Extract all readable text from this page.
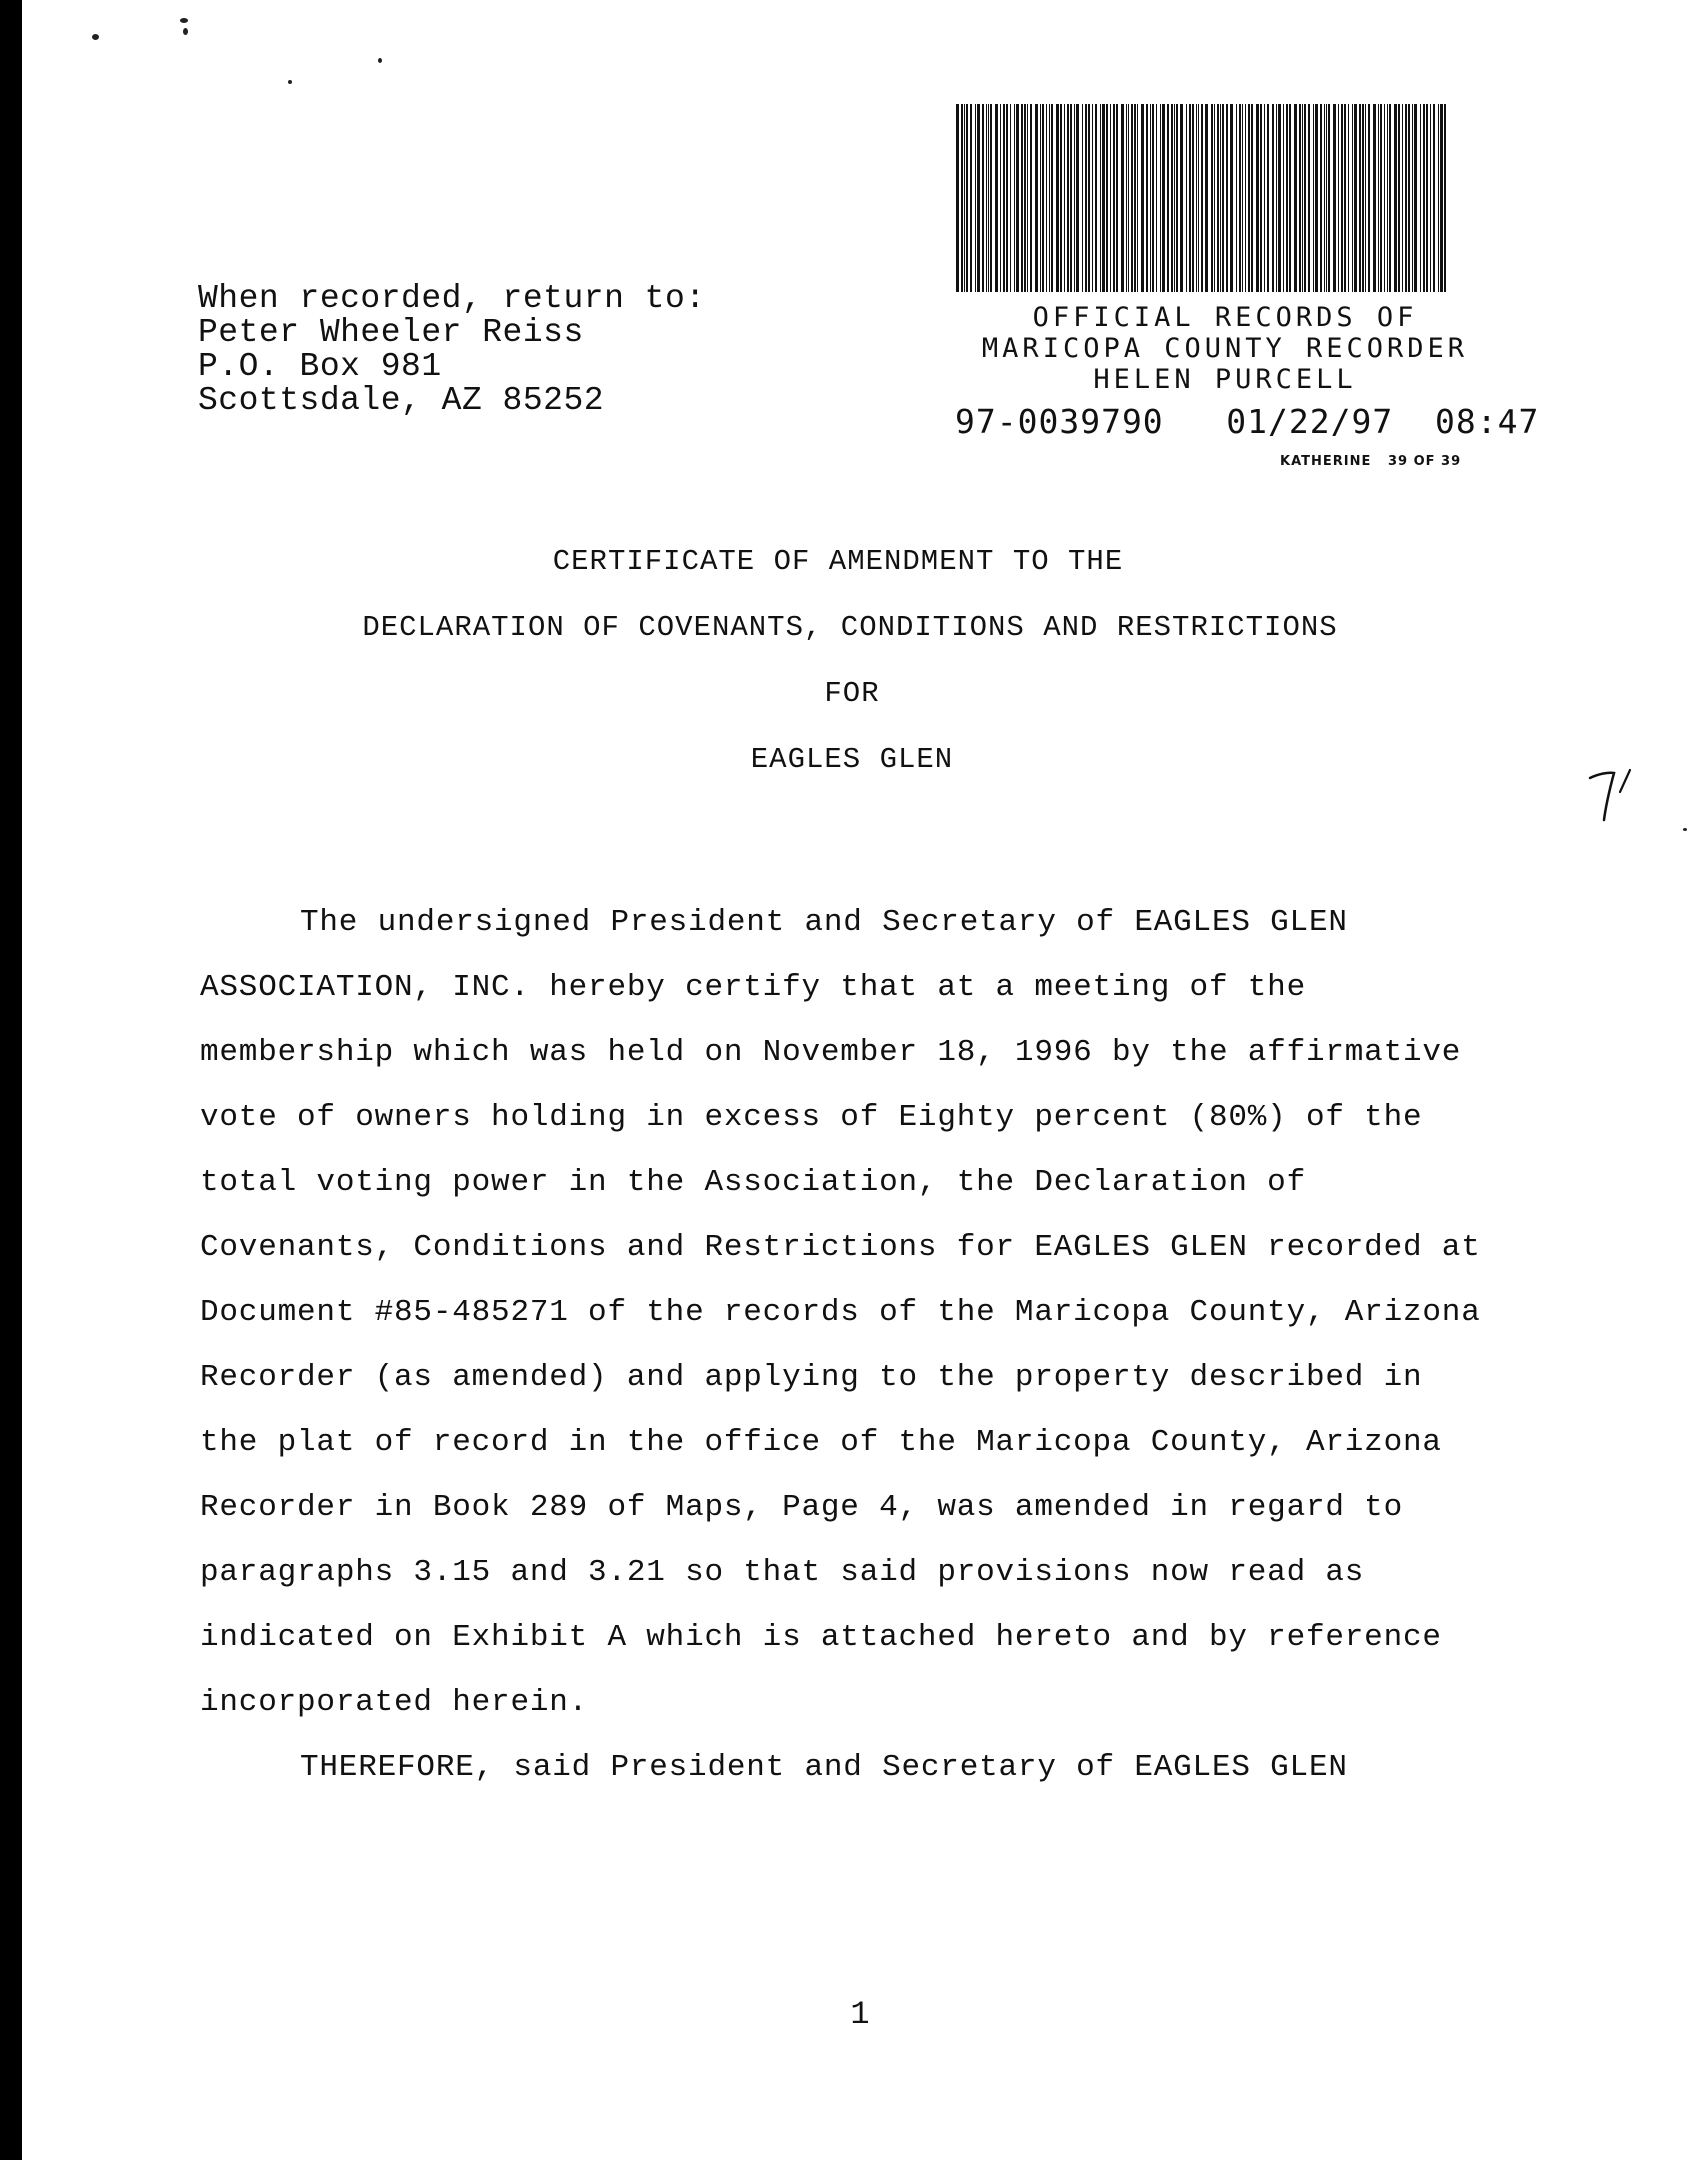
When recorded, return to:
Peter Wheeler Reiss
P.O. Box 981
Scottsdale, AZ 85252
OFFICIAL RECORDS OF
MARICOPA COUNTY RECORDER
HELEN PURCELL
97-0039790 01/22/97 08:47
KATHERINE 39 OF 39
CERTIFICATE OF AMENDMENT TO THE
DECLARATION OF COVENANTS, CONDITIONS AND RESTRICTIONS
FOR
EAGLES GLEN
The undersigned President and Secretary of EAGLES GLEN
ASSOCIATION, INC. hereby certify that at a meeting of the
membership which was held on November 18, 1996 by the affirmative
vote of owners holding in excess of Eighty percent (80%) of the
total voting power in the Association, the Declaration of
Covenants, Conditions and Restrictions for EAGLES GLEN recorded at
Document #85-485271 of the records of the Maricopa County, Arizona
Recorder (as amended) and applying to the property described in
the plat of record in the office of the Maricopa County, Arizona
Recorder in Book 289 of Maps, Page 4, was amended in regard to
paragraphs 3.15 and 3.21 so that said provisions now read as
indicated on Exhibit A which is attached hereto and by reference
incorporated herein.
THEREFORE, said President and Secretary of EAGLES GLEN
1
